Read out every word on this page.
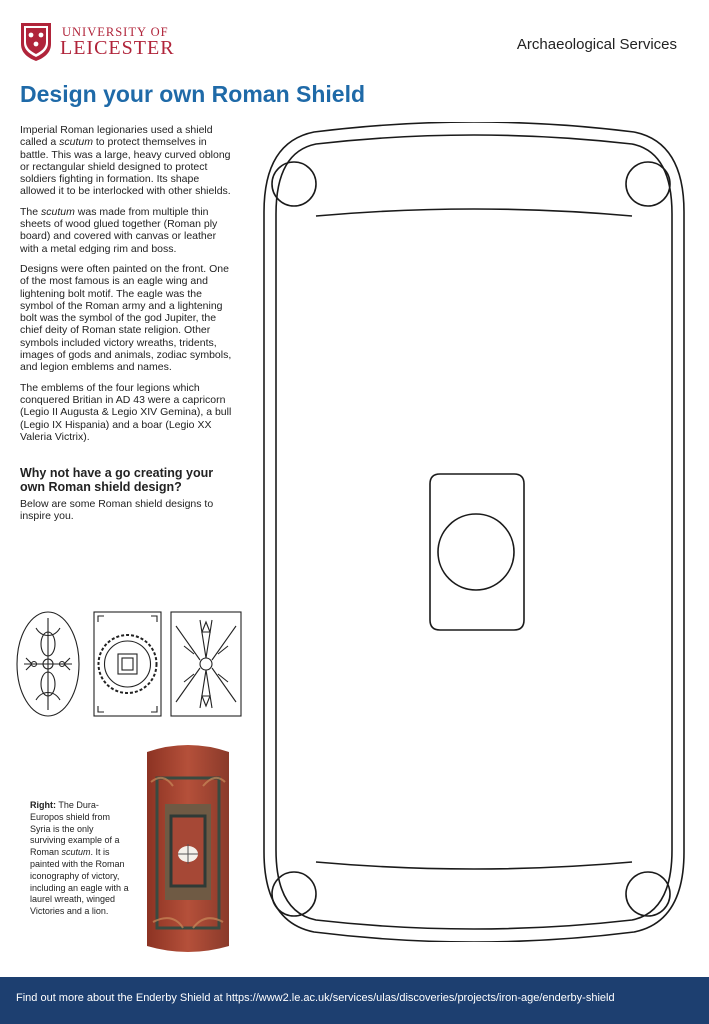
UNIVERSITY OF
LEICESTER	Archaeological Services
Design your own Roman Shield

Imperial Roman legionaries used a shield called a scutum to protect themselves in battle. This was a large, heavy curved oblong or rectangular shield designed to protect soldiers fighting in formation. Its shape allowed it to be interlocked with other shields.

The scutum was made from multiple thin sheets of wood glued together (Roman ply board) and covered with canvas or leather with a metal edging rim and boss.

Designs were often painted on the front. One of the most famous is an eagle wing and lightening bolt motif. The eagle was the symbol of the Roman army and a lightening bolt was the symbol of the god Jupiter, the chief deity of Roman state religion. Other symbols included victory wreaths, tridents, images of gods and animals, zodiac symbols, and legion emblems and names.

The emblems of the four legions which conquered Britian in AD 43 were a capricorn (Legio II Augusta & Legio XIV Gemina), a bull (Legio IX Hispania) and a boar (Legio XX Valeria Victrix).

Why not have a go creating your own Roman shield design?

Below are some Roman shield designs to inspire you.

Right: The Dura-Europos shield from Syria is the only surviving example of a Roman scutum. It is painted with the Roman iconography of victory, including an eagle with a laurel wreath, winged Victories and a lion.
Find out more about the Enderby Shield at https://www2.le.ac.uk/services/ulas/discoveries/projects/iron-age/enderby-shield
